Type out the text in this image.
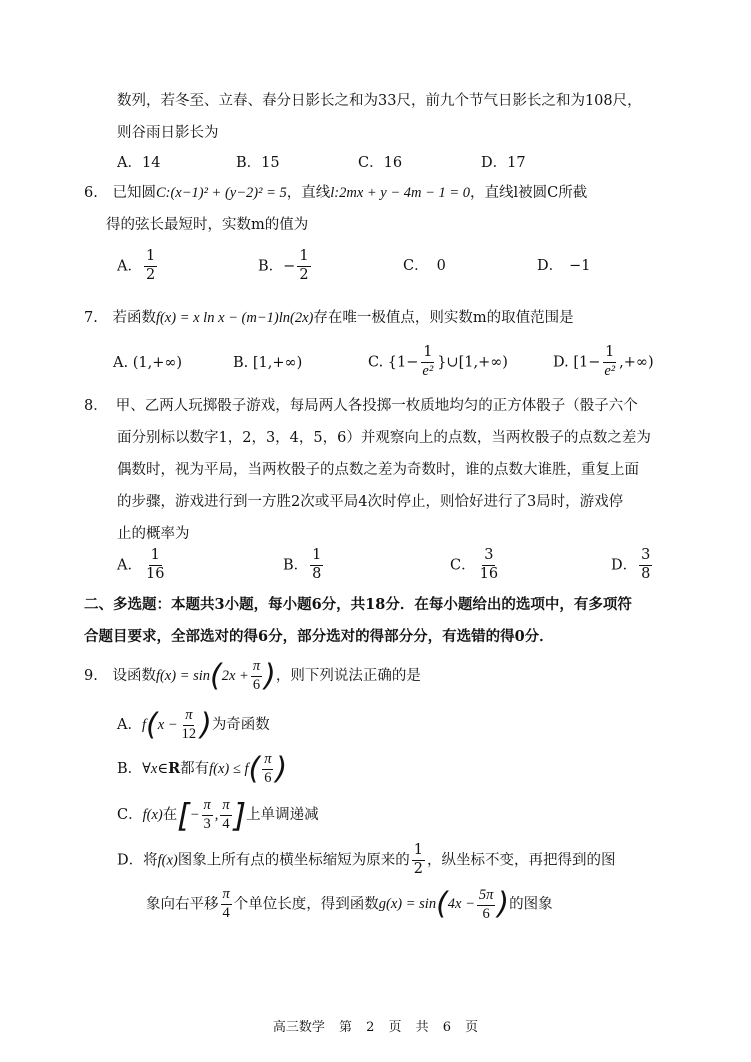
数列，若冬至、立春、春分日影长之和为33尺，前九个节气日影长之和为108尺，
则谷雨日影长为
A．14	B．15	C．16	D．17
6. 已知圆C:(x−1)² + (y−2)² = 5，直线l:2mx + y − 4m − 1 = 0，直线l被圆C所截
得的弦长最短时，实数m的值为
A． $\frac{1}{2}$	B．− $\frac{1}{2}$	C． 0	D． −1
7. 若函数f(x) = x ln x − (m−1)ln(2x)存在唯一极值点，则实数m的取值范围是
A. (1,+∞)	B. [1,+∞)	C. {$1- \frac{1}{\text{e²}}$ }∪[1,+∞)	D. [$1- \frac{1}{\text{e²}}$ ,+∞)
8． 甲、乙两人玩掷骰子游戏，每局两人各投掷一枚质地均匀的正方体骰子（骰子六个
面分别标以数字1，2，3，4，5，6）并观察向上的点数，当两枚骰子的点数之差为
偶数时，视为平局，当两枚骰子的点数之差为奇数时，谁的点数大谁胜，重复上面
的步骤，游戏进行到一方胜2次或平局4次时停止，则恰好进行了3局时，游戏停
止的概率为
A． $\frac{1}{16}$	B． $\frac{1}{8}$	C． $\frac{3}{16}$	D． $\frac{3}{8}$
二、多选题：本题共3小题，每小题6分，共18分．在每小题给出的选项中，有多项符
合题目要求，全部选对的得6分，部分选对的得部分分，有选错的得0分．
9. 设函数$f(x) = \sin(2x + \frac{\pi}{6}$ )，则下列说法正确的是
A．$f(x - \frac{\pi}{12}$ )为奇函数
B．∀x∈R都有$f(x) \le f( \frac{\pi}{6}$ )
C．f(x)在[− $\frac{\pi}{3}$ , $\frac{\pi}{4}$ ]上单调递减
D．将f(x)图象上所有点的横坐标缩短为原来的 $\frac{1}{2}$ ，纵坐标不变，再把得到的图
象向右平移 $\frac{\pi}{4}$ 个单位长度，得到函数$g(x) = \sin(4x - \frac{5\pi}{6}$ )的图象
高三数学 第 2 页 共 6 页
